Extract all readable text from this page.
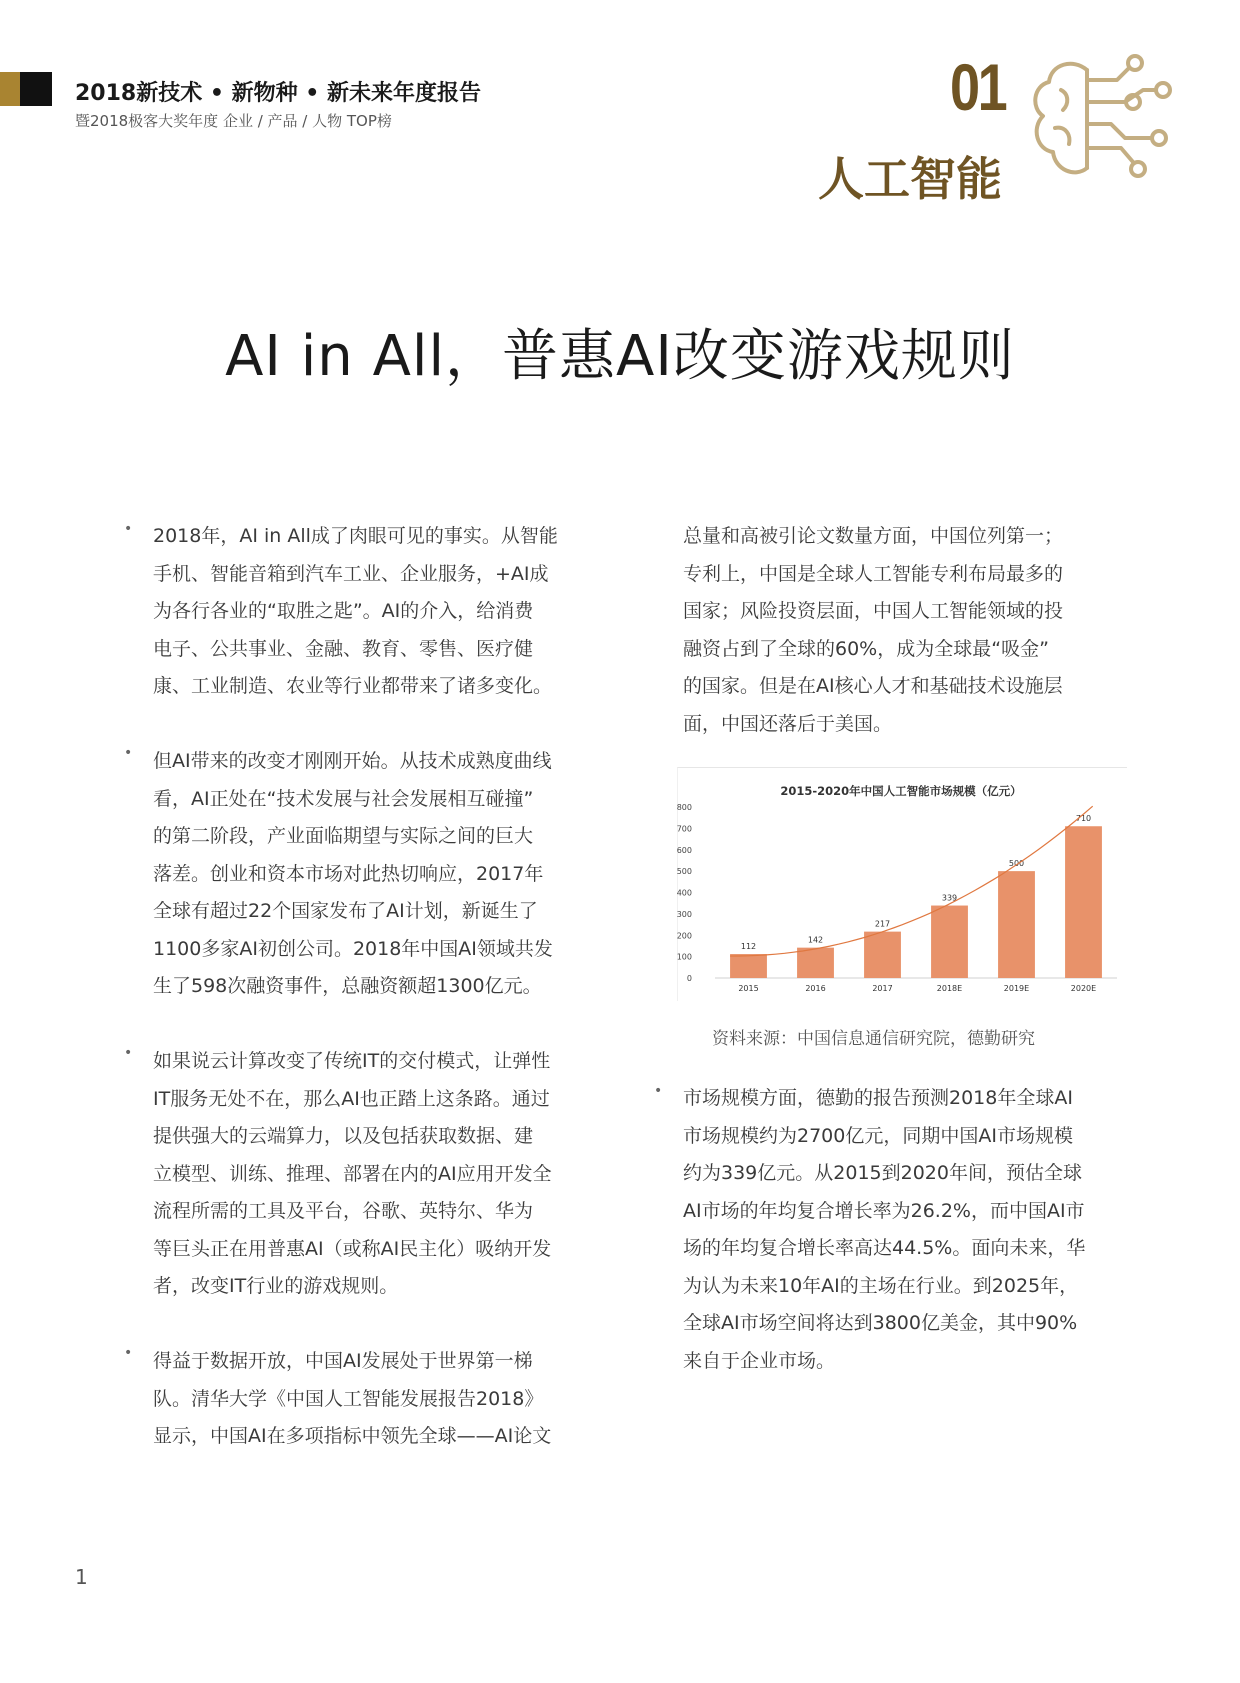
2018新技术 • 新物种 • 新未来年度报告
暨2018极客大奖年度 企业 / 产品 / 人物 TOP榜	01
人工智能
AI in All，普惠AI改变游戏规则
• 2018年，AI in All成了肉眼可见的事实。从智能
手机、智能音箱到汽车工业、企业服务，+AI成
为各行各业的“取胜之匙”。AI的介入，给消费
电子、公共事业、金融、教育、零售、医疗健
康、工业制造、农业等行业都带来了诸多变化。

• 但AI带来的改变才刚刚开始。从技术成熟度曲线
看，AI正处在“技术发展与社会发展相互碰撞”
的第二阶段，产业面临期望与实际之间的巨大
落差。创业和资本市场对此热切响应，2017年
全球有超过22个国家发布了AI计划，新诞生了
1100多家AI初创公司。2018年中国AI领域共发
生了598次融资事件，总融资额超1300亿元。

• 如果说云计算改变了传统IT的交付模式，让弹性
IT服务无处不在，那么AI也正踏上这条路。通过
提供强大的云端算力，以及包括获取数据、建
立模型、训练、推理、部署在内的AI应用开发全
流程所需的工具及平台，谷歌、英特尔、华为
等巨头正在用普惠AI（或称AI民主化）吸纳开发
者，改变IT行业的游戏规则。

• 得益于数据开放，中国AI发展处于世界第一梯
队。清华大学《中国人工智能发展报告2018》
显示，中国AI在多项指标中领先全球——AI论文

总量和高被引论文数量方面，中国位列第一；
专利上，中国是全球人工智能专利布局最多的
国家；风险投资层面，中国人工智能领域的投
融资占到了全球的60%，成为全球最“吸金”
的国家。但是在AI核心人才和基础技术设施层
面，中国还落后于美国。

2015-2020年中国人工智能市场规模（亿元）
0
100
200
300
400
500
600
700
800
112
2015
142
2016
217
2017
339
2018E
500
2019E
710
2020E
资料来源：中国信息通信研究院，德勤研究
• 市场规模方面，德勤的报告预测2018年全球AI
市场规模约为2700亿元，同期中国AI市场规模
约为339亿元。从2015到2020年间，预估全球
AI市场的年均复合增长率为26.2%，而中国AI市
场的年均复合增长率高达44.5%。面向未来，华
为认为未来10年AI的主场在行业。到2025年，
全球AI市场空间将达到3800亿美金，其中90%
来自于企业市场。

1
